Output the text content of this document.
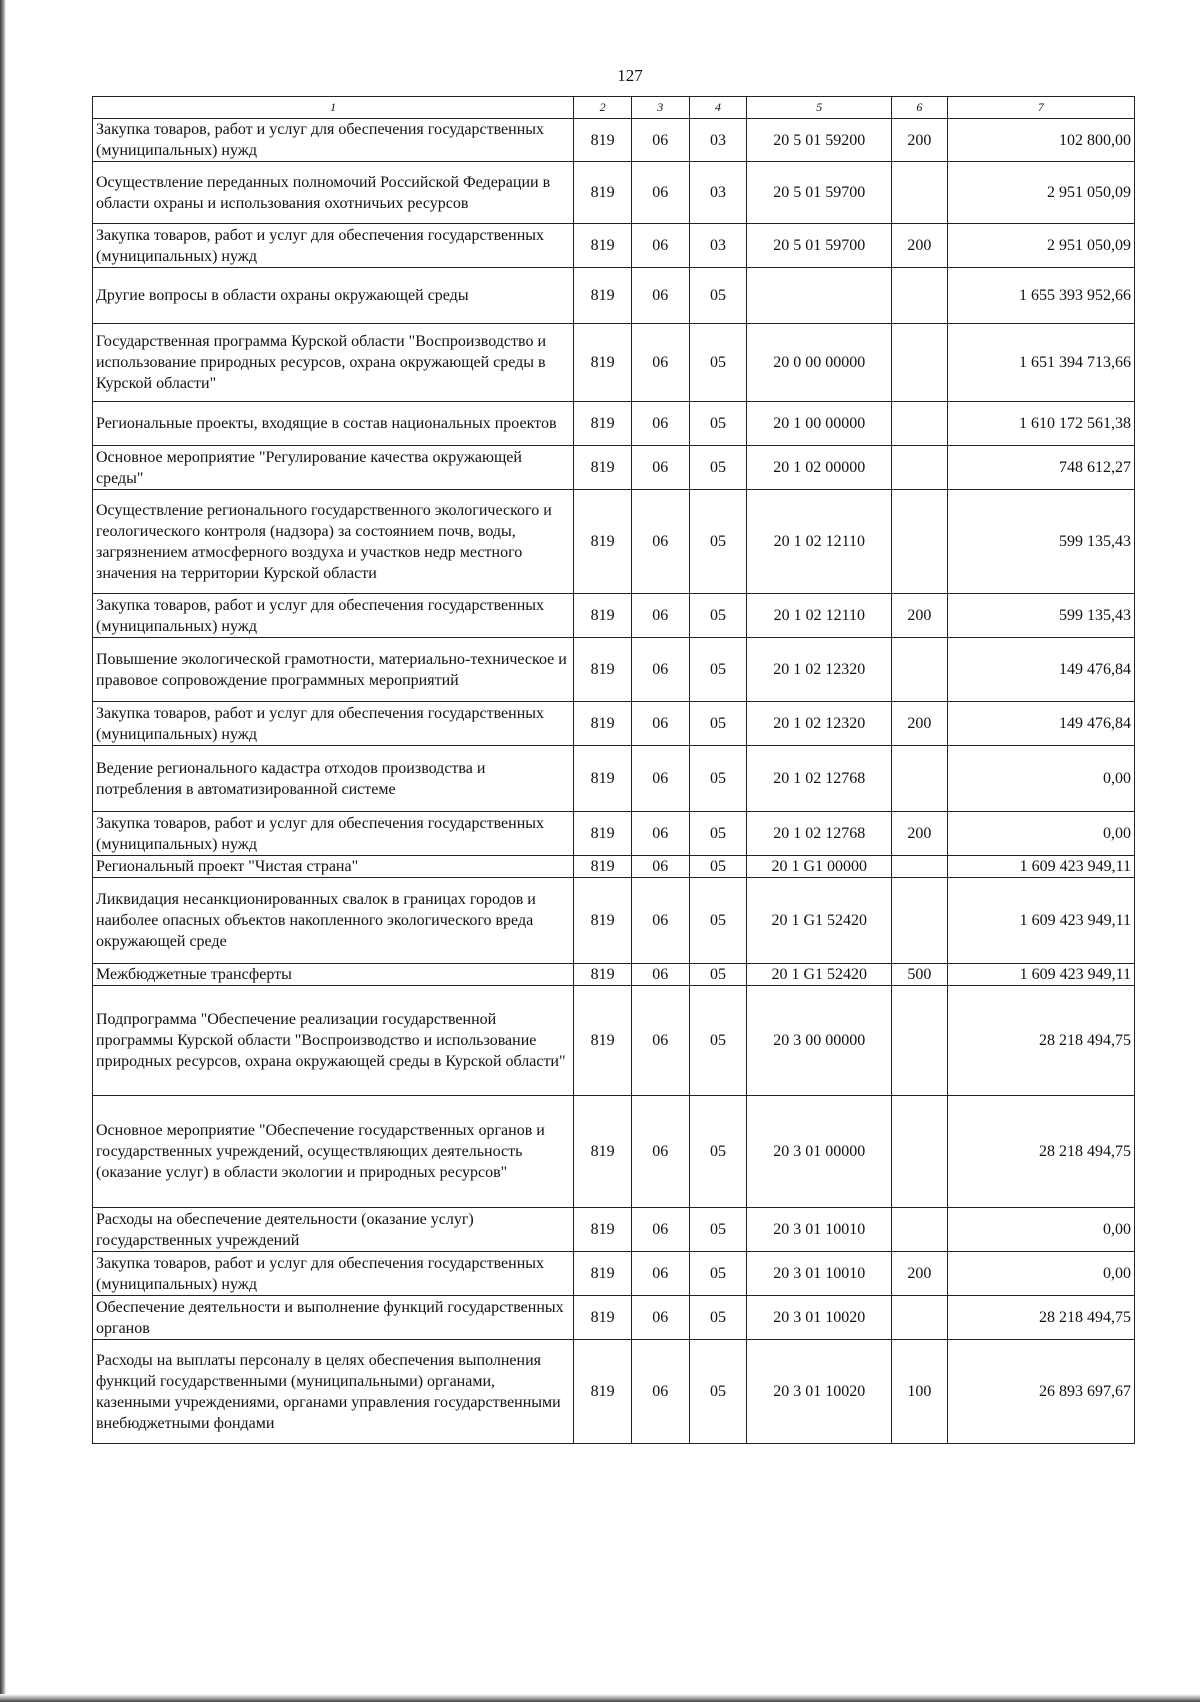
127
1	2	3	4	5	6	7
Закупка товаров, работ и услуг для обеспечения государственных (муниципальных) нужд	819	06	03	20 5 01 59200	200	102 800,00
Осуществление переданных полномочий Российской Федерации в области охраны и использования охотничьих ресурсов	819	06	03	20 5 01 59700		2 951 050,09
Закупка товаров, работ и услуг для обеспечения государственных (муниципальных) нужд	819	06	03	20 5 01 59700	200	2 951 050,09
Другие вопросы в области охраны окружающей среды	819	06	05			1 655 393 952,66
Государственная программа Курской области "Воспроизводство и использование природных ресурсов, охрана окружающей среды в Курской области"	819	06	05	20 0 00 00000		1 651 394 713,66
Региональные проекты, входящие в состав национальных проектов	819	06	05	20 1 00 00000		1 610 172 561,38
Основное мероприятие "Регулирование качества окружающей среды"	819	06	05	20 1 02 00000		748 612,27
Осуществление регионального государственного экологического и геологического контроля (надзора) за состоянием почв, воды, загрязнением атмосферного воздуха и участков недр местного значения на территории Курской области	819	06	05	20 1 02 12110		599 135,43
Закупка товаров, работ и услуг для обеспечения государственных (муниципальных) нужд	819	06	05	20 1 02 12110	200	599 135,43
Повышение экологической грамотности, материально-техническое и правовое сопровождение программных мероприятий	819	06	05	20 1 02 12320		149 476,84
Закупка товаров, работ и услуг для обеспечения государственных (муниципальных) нужд	819	06	05	20 1 02 12320	200	149 476,84
Ведение регионального кадастра отходов производства и потребления в автоматизированной системе	819	06	05	20 1 02 12768		0,00
Закупка товаров, работ и услуг для обеспечения государственных (муниципальных) нужд	819	06	05	20 1 02 12768	200	0,00
Региональный проект "Чистая страна"	819	06	05	20 1 G1 00000		1 609 423 949,11
Ликвидация несанкционированных свалок в границах городов и наиболее опасных объектов накопленного экологического вреда окружающей среде	819	06	05	20 1 G1 52420		1 609 423 949,11
Межбюджетные трансферты	819	06	05	20 1 G1 52420	500	1 609 423 949,11
Подпрограмма "Обеспечение реализации государственной программы Курской области "Воспроизводство и использование природных ресурсов, охрана окружающей среды в Курской области"	819	06	05	20 3 00 00000		28 218 494,75
Основное мероприятие "Обеспечение государственных органов и государственных учреждений, осуществляющих деятельность (оказание услуг) в области экологии и природных ресурсов"	819	06	05	20 3 01 00000		28 218 494,75
Расходы на обеспечение деятельности (оказание услуг) государственных учреждений	819	06	05	20 3 01 10010		0,00
Закупка товаров, работ и услуг для обеспечения государственных (муниципальных) нужд	819	06	05	20 3 01 10010	200	0,00
Обеспечение деятельности и выполнение функций государственных органов	819	06	05	20 3 01 10020		28 218 494,75
Расходы на выплаты персоналу в целях обеспечения выполнения функций государственными (муниципальными) органами, казенными учреждениями, органами управления государственными внебюджетными фондами	819	06	05	20 3 01 10020	100	26 893 697,67
